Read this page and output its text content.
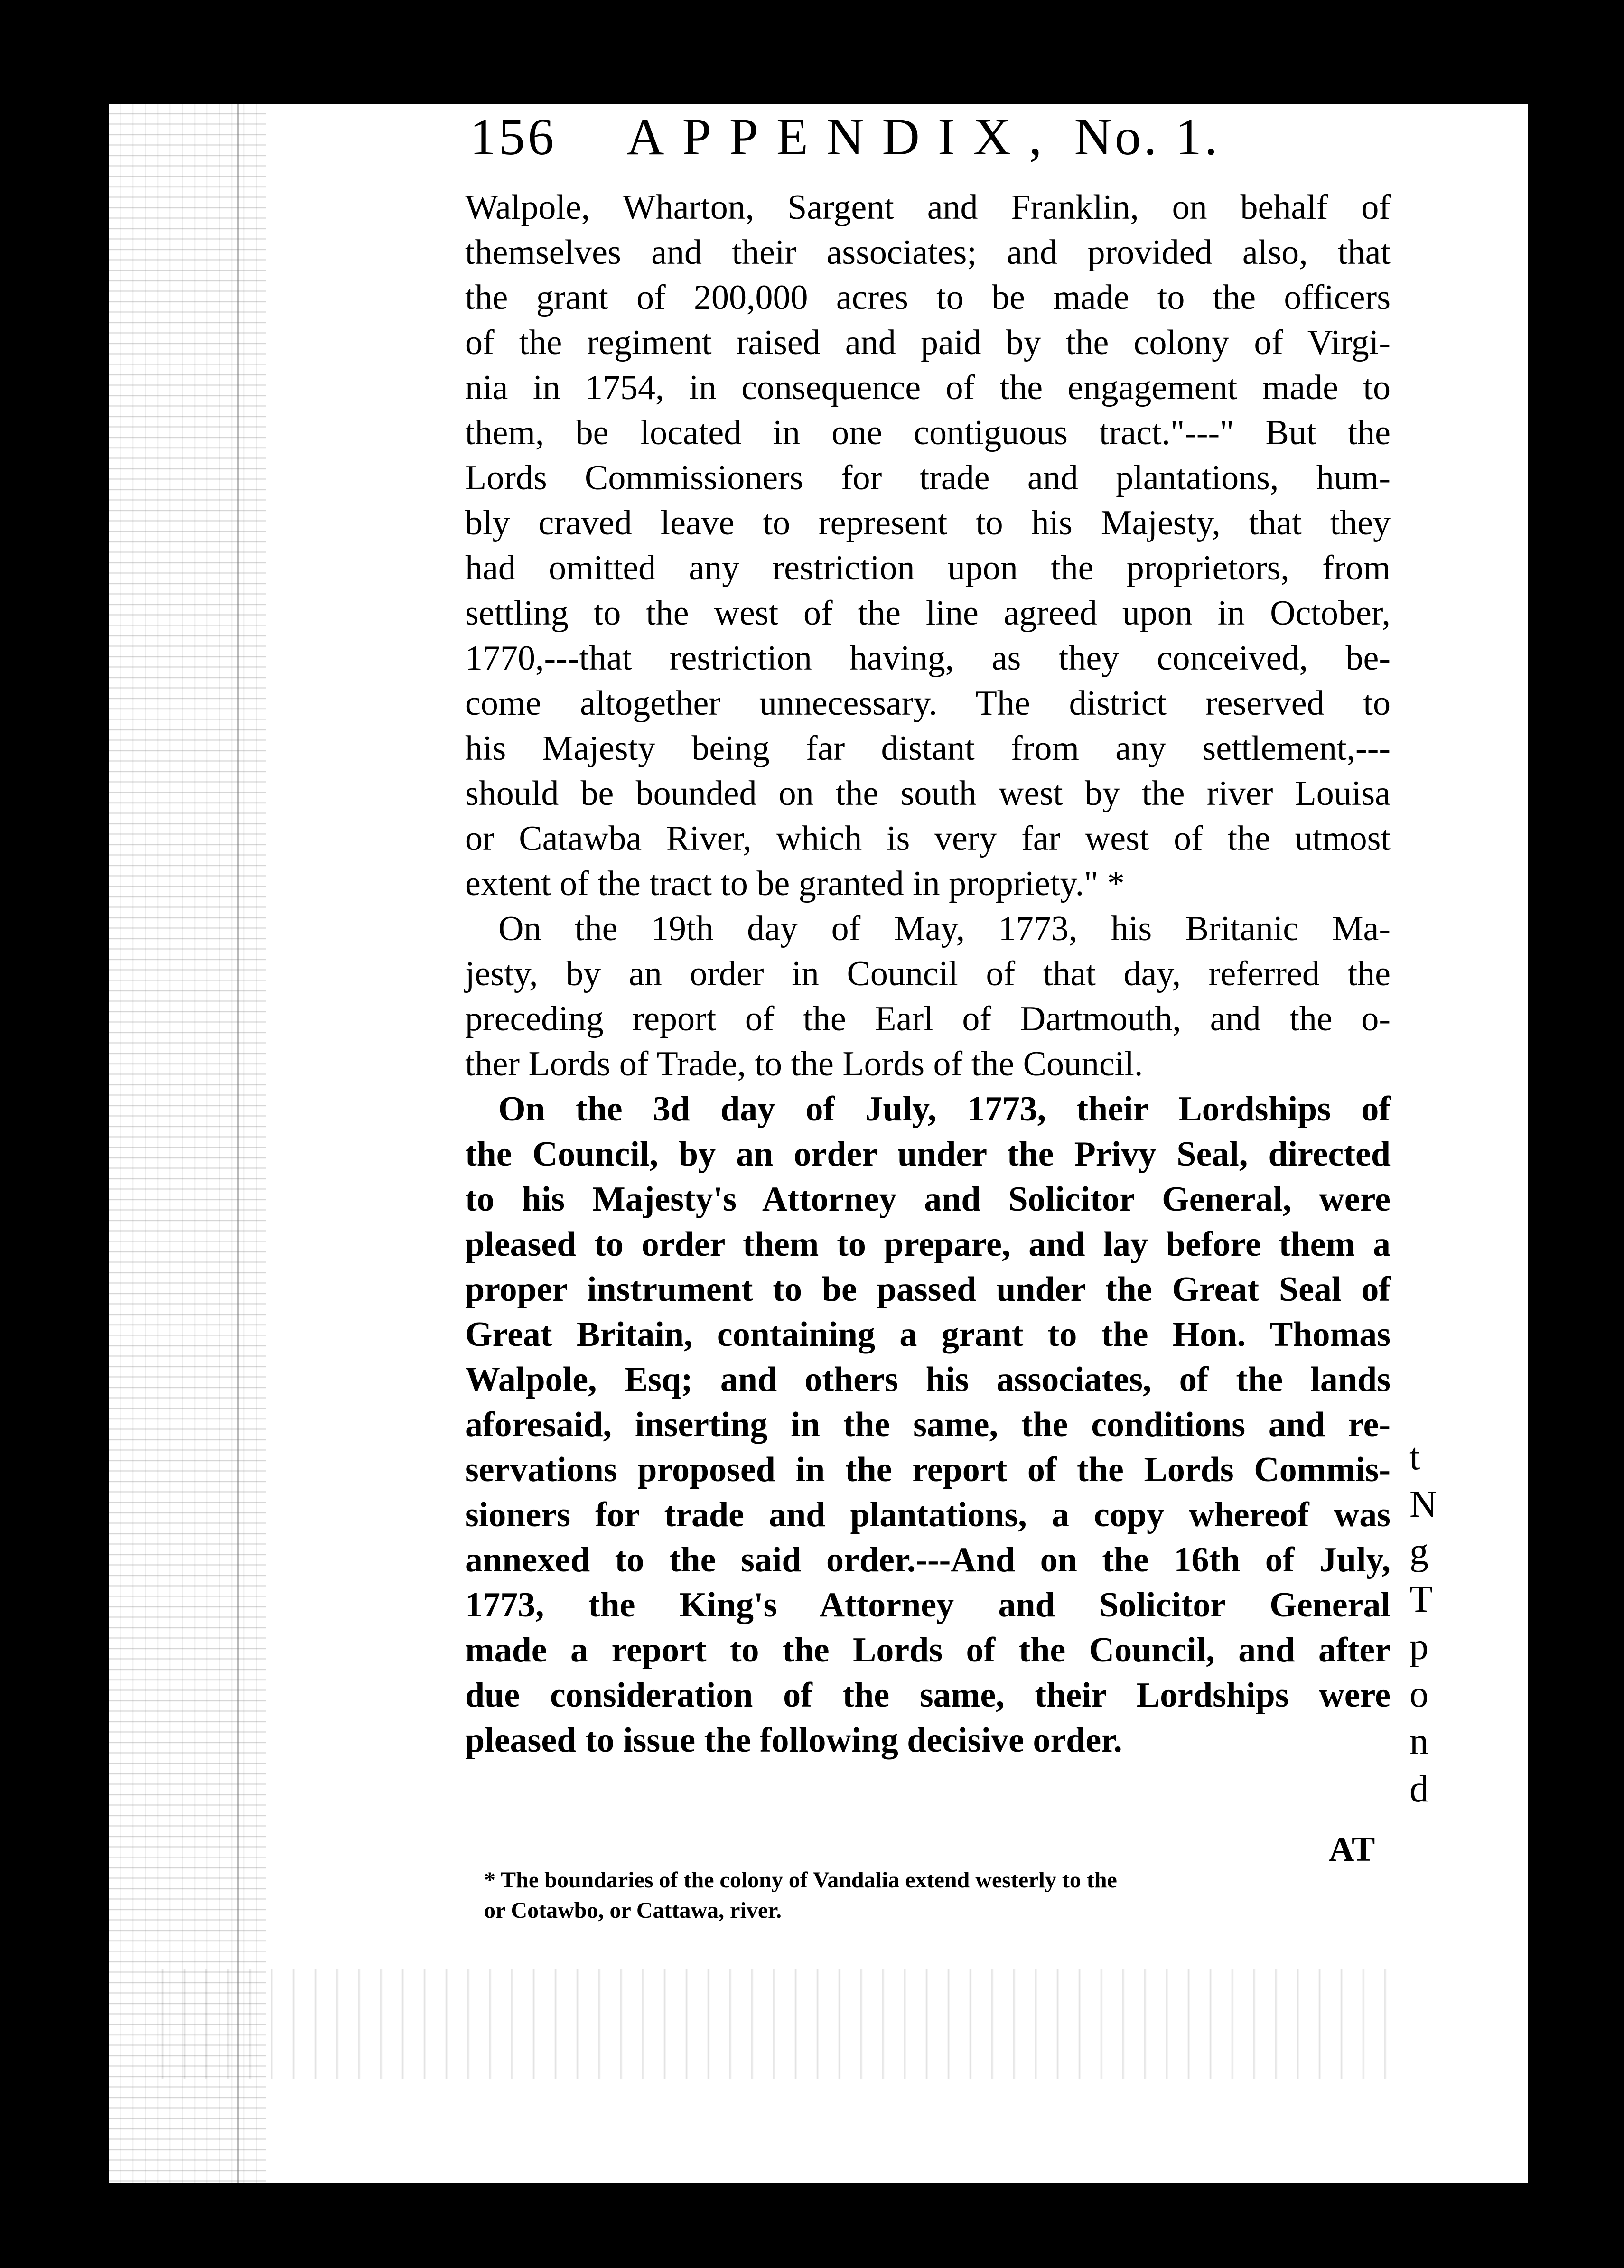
156	APPENDIX, No. 1.
Walpole, Wharton, Sargent and Franklin, on behalf of
themselves and their associates; and provided also, that
the grant of 200,000 acres to be made to the officers
of the regiment raised and paid by the colony of Virgi-
nia in 1754, in consequence of the engagement made to
them, be located in one contiguous tract."---" But the
Lords Commissioners for trade and plantations, hum-
bly craved leave to represent to his Majesty, that they
had omitted any restriction upon the proprietors, from
settling to the west of the line agreed upon in October,
1770,---that restriction having, as they conceived, be-
come altogether unnecessary. The district reserved to
his Majesty being far distant from any settlement,---
should be bounded on the south west by the river Louisa
or Catawba River, which is very far west of the utmost
extent of the tract to be granted in propriety." *
On the 19th day of May, 1773, his Britanic Ma-
jesty, by an order in Council of that day, referred the
preceding report of the Earl of Dartmouth, and the o-
ther Lords of Trade, to the Lords of the Council.
On the 3d day of July, 1773, their Lordships of
the Council, by an order under the Privy Seal, directed
to his Majesty's Attorney and Solicitor General, were
pleased to order them to prepare, and lay before them a
proper instrument to be passed under the Great Seal of
Great Britain, containing a grant to the Hon. Thomas
Walpole, Esq; and others his associates, of the lands
aforesaid, inserting in the same, the conditions and re-
servations proposed in the report of the Lords Commis-
sioners for trade and plantations, a copy whereof was
annexed to the said order.---And on the 16th of July,
1773, the King's Attorney and Solicitor General
made a report to the Lords of the Council, and after
due consideration of the same, their Lordships were
pleased to issue the following decisive order.
AT
* The boundaries of the colony of Vandalia extend westerly to the
or Cotawbo, or Cattawa, river.
t
N
g
T
p
o
n
d
